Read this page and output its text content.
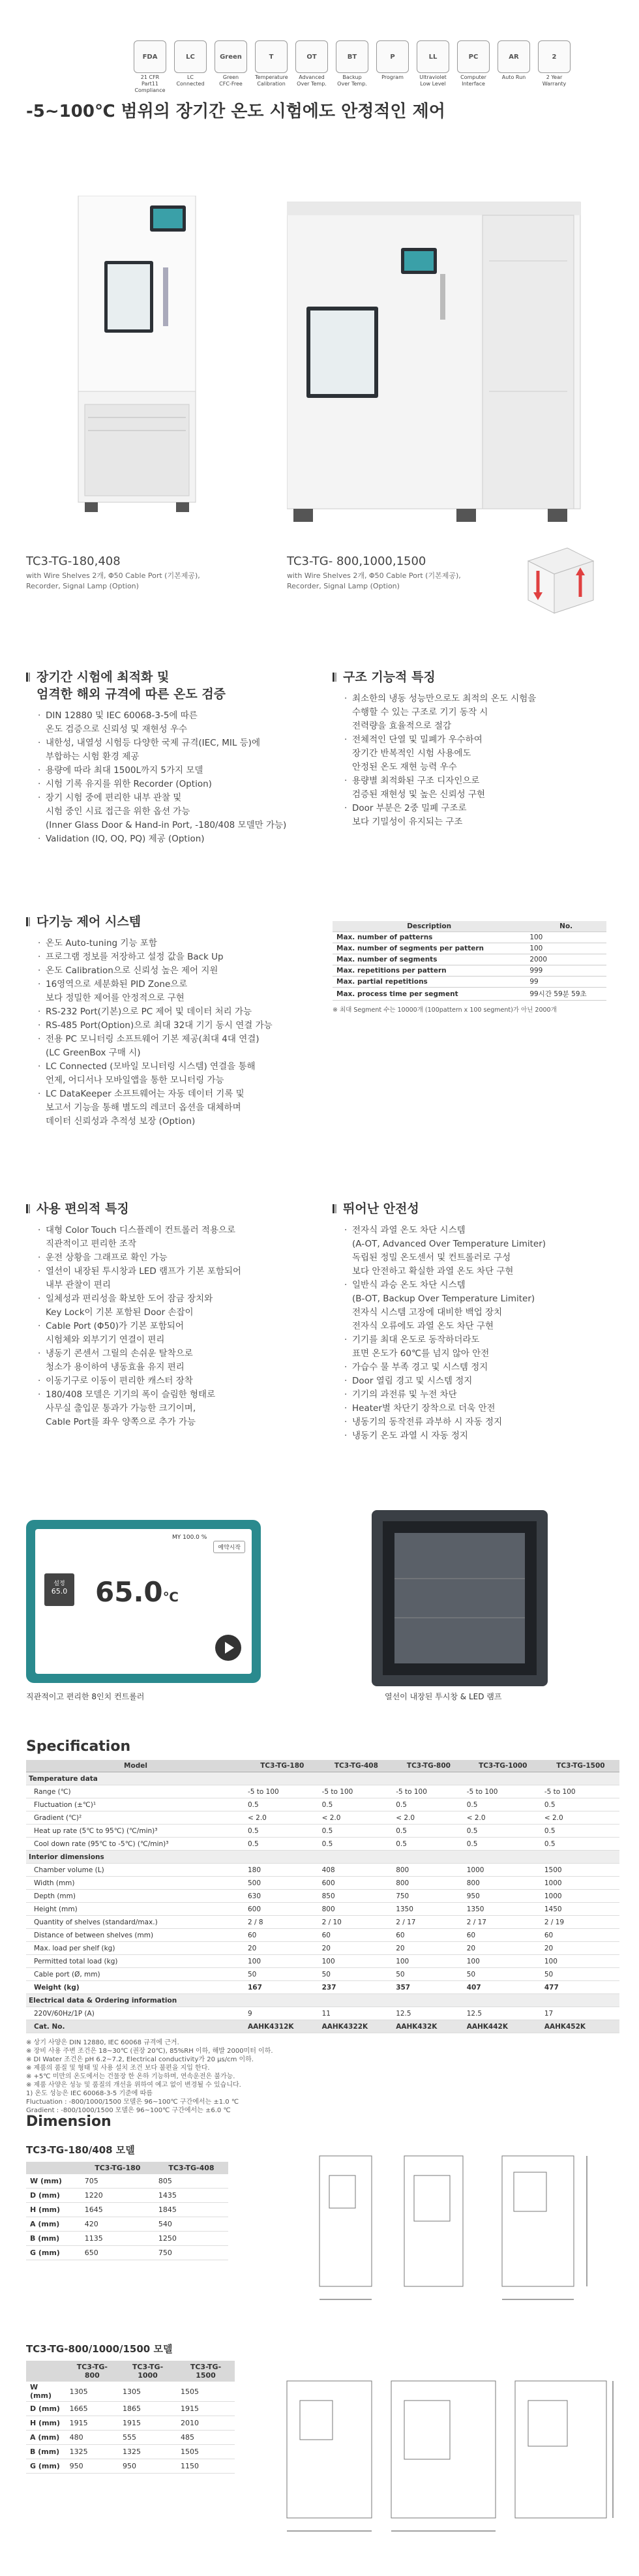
FDA
21 CFR Part11
Compliance
LC
LC
Connected
Green
Green
CFC-Free
T
Temperature
Calibration
OT
Advanced
Over Temp.
BT
Backup
Over Temp.
P
Program
LL
Ultraviolet
Low Level
PC
Computer
Interface
AR
Auto Run
2
2 Year
Warranty
-5~100℃ 범위의 장기간 온도 시험에도 안정적인 제어
TC3-TG-180,408
with Wire Shelves 2개, Φ50 Cable Port (기본제공),
Recorder, Signal Lamp (Option)
TC3-TG- 800,1000,1500
with Wire Shelves 2개, Φ50 Cable Port (기본제공),
Recorder, Signal Lamp (Option)
장기간 시험에 최적화 및
엄격한 해외 규격에 따른 온도 검증
· DIN 12880 및 IEC 60068-3-5에 따른
온도 검증으로 신뢰성 및 재현성 우수
· 내한성, 내열성 시험등 다양한 국제 규격(IEC, MIL 등)에
부합하는 시험 환경 제공
· 용량에 따라 최대 1500L까지 5가지 모델
· 시험 기록 유지를 위한 Recorder (Option)
· 장기 시험 중에 편리한 내부 관찰 및
시험 중인 시료 접근을 위한 옵션 가능
(Inner Glass Door & Hand-in Port, -180/408 모델만 가능)
· Validation (IQ, OQ, PQ) 제공 (Option)
구조 기능적 특징
· 최소한의 냉동 성능만으로도 최적의 온도 시험을
수행할 수 있는 구조로 기기 동작 시
전력량을 효율적으로 절감
· 전체적인 단열 및 밀폐가 우수하여
장기간 반복적인 시험 사용에도
안정된 온도 재현 능력 우수
· 용량별 최적화된 구조 디자인으로
검증된 재현성 및 높은 신뢰성 구현
· Door 부분은 2중 밀폐 구조로
보다 기밀성이 유지되는 구조
다기능 제어 시스템
· 온도 Auto-tuning 기능 포함
· 프로그램 정보를 저장하고 설정 값을 Back Up
· 온도 Calibration으로 신뢰성 높은 제어 지원
· 16영역으로 세분화된 PID Zone으로
보다 정밀한 제어를 안정적으로 구현
· RS-232 Port(기본)으로 PC 제어 및 데이터 처리 가능
· RS-485 Port(Option)으로 최대 32대 기기 동시 연결 가능
· 전용 PC 모니터링 소프트웨어 기본 제공(최대 4대 연결)
(LC GreenBox 구매 시)
· LC Connected (모바일 모니터링 시스템) 연결을 통해
언제, 어디서나 모바일앱을 통한 모니터링 가능
· LC DataKeeper 소프트웨어는 자동 데이터 기록 및
보고서 기능을 통해 별도의 레코더 옵션을 대체하며
데이터 신뢰성과 추적성 보장 (Option)
Description	No.
Max. number of patterns	100
Max. number of segments per pattern	100
Max. number of segments	2000
Max. repetitions per pattern	999
Max. partial repetitions	99
Max. process time per segment	99시간 59분 59초
※ 최대 Segment 수는 10000개 (100pattern x 100 segment)가 아닌 2000개
사용 편의적 특징
· 대형 Color Touch 디스플레이 컨트롤러 적용으로
직관적이고 편리한 조작
· 운전 상황을 그래프로 확인 가능
· 열선이 내장된 투시창과 LED 램프가 기본 포함되어
내부 관찰이 편리
· 일체성과 편리성을 확보한 도어 잠금 장치와
Key Lock이 기본 포함된 Door 손잡이
· Cable Port (Φ50)가 기본 포함되어
시험체와 외부기기 연결이 편리
· 냉동기 콘센서 그릴의 손쉬운 탈착으로
청소가 용이하여 냉동효율 유지 편리
· 이동기구로 이동이 편리한 캐스터 장착
· 180/408 모델은 기기의 폭이 슬림한 형태로
사무실 출입문 통과가 가능한 크기이며,
Cable Port를 좌우 양쪽으로 추가 가능
뛰어난 안전성
· 전자식 과열 온도 차단 시스템
(A-OT, Advanced Over Temperature Limiter)
독립된 정밀 온도센서 및 컨트롤러로 구성
보다 안전하고 확실한 과열 온도 차단 구현
· 일반식 과승 온도 차단 시스템
(B-OT, Backup Over Temperature Limiter)
전자식 시스템 고장에 대비한 백업 장치
전자식 오류에도 과열 온도 차단 구현
· 기기를 최대 온도로 동작하더라도
표면 온도가 60℃를 넘지 않아 안전
· 가습수 물 부족 경고 및 시스템 정지
· Door 열림 경고 및 시스템 정지
· 기기의 과전류 및 누전 차단
· Heater별 차단기 장착으로 더욱 안전
· 냉동기의 동작전류 과부하 시 자동 정지
· 냉동기 온도 과열 시 자동 정지
MY 100.0 %
예약시작
설정
65.0 65.0℃
직관적이고 편리한 8인치 컨트롤러	열선이 내장된 투시창 & LED 램프
Specification
Model	TC3-TG-180	TC3-TG-408	TC3-TG-800	TC3-TG-1000	TC3-TG-1500
Temperature data					
Range (℃)	-5 to 100	-5 to 100	-5 to 100	-5 to 100	-5 to 100
Fluctuation (±℃)¹	0.5	0.5	0.5	0.5	0.5
Gradient (℃)²	< 2.0	< 2.0	< 2.0	< 2.0	< 2.0
Heat up rate (5℃ to 95℃) (℃/min)³	0.5	0.5	0.5	0.5	0.5
Cool down rate (95℃ to -5℃) (℃/min)³	0.5	0.5	0.5	0.5	0.5
Interior dimensions					
Chamber volume (L)	180	408	800	1000	1500
Width (mm)	500	600	800	800	1000
Depth (mm)	630	850	750	950	1000
Height (mm)	600	800	1350	1350	1450
Quantity of shelves (standard/max.)	2 / 8	2 / 10	2 / 17	2 / 17	2 / 19
Distance of between shelves (mm)	60	60	60	60	60
Max. load per shelf (kg)	20	20	20	20	20
Permitted total load (kg)	100	100	100	100	100
Cable port (Ø, mm)	50	50	50	50	50
Weight (kg)	167	237	357	407	477
Electrical data & Ordering information					
220V/60Hz/1P (A)	9	11	12.5	12.5	17
Cat. No.	AAHK4312K	AAHK4322K	AAHK432K	AAHK442K	AAHK452K
※ 상기 사양은 DIN 12880, IEC 60068 규격에 근거.
※ 장비 사용 주변 조건은 18~30℃ (권장 20℃), 85%RH 이하, 해발 2000미터 이하.
※ DI Water 조건은 pH 6.2~7.2, Electrical conductivity가 20 µs/cm 이하.
※ 제품의 품질 및 형태 및 사용 설치 조건 보다 불편을 지입 한다.
※ +5℃ 미만의 온도에서는 건물장 한 온하 기능하며, 연속운전은 불가능.
※ 제품 사양은 성능 및 품질의 개선을 위하여 예고 없이 변경될 수 있습니다.
1) 온도 성능은 IEC 60068-3-5 기준에 따름
Fluctuation : -800/1000/1500 모델은 96~100℃ 구간에서는 ±1.0 ℃
Gradient : -800/1000/1500 모델은 96~100℃ 구간에서는 ±6.0 ℃
Dimension
TC3-TG-180/408 모델
	TC3-TG-180	TC3-TG-408
W (mm)	705	805
D (mm)	1220	1435
H (mm)	1645	1845
A (mm)	420	540
B (mm)	1135	1250
G (mm)	650	750
TC3-TG-800/1000/1500 모델
	TC3-TG-800	TC3-TG-1000	TC3-TG-1500
W (mm)	1305	1305	1505
D (mm)	1665	1865	1915
H (mm)	1915	1915	2010
A (mm)	480	555	485
B (mm)	1325	1325	1505
G (mm)	950	950	1150
